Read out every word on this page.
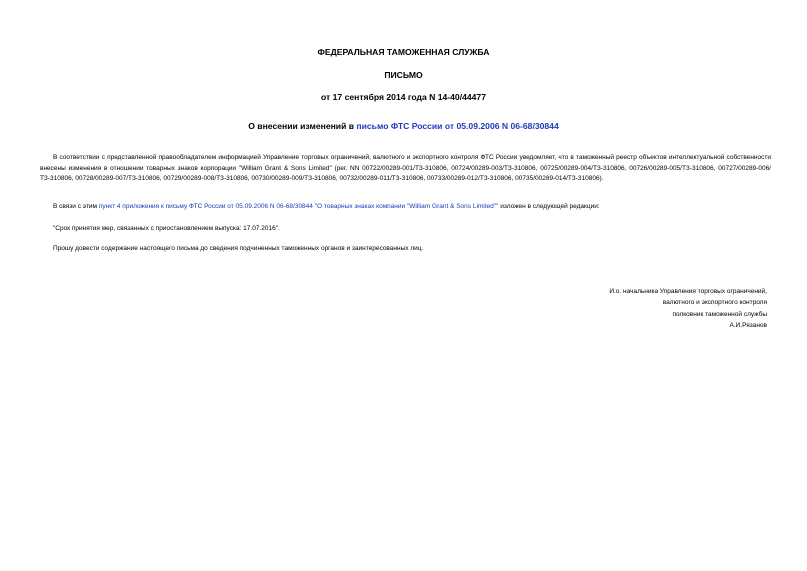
ФЕДЕРАЛЬНАЯ ТАМОЖЕННАЯ СЛУЖБА
ПИСЬМО
от 17 сентября 2014 года N 14-40/44477
О внесении изменений в письмо ФТС России от 05.09.2006 N 06-68/30844
В соответствии с представленной правообладателем информацией Управление торговых ограничений, валютного и экспортного контроля ФТС России уведомляет, что в таможенный реестр объектов интеллектуальной собственности внесены изменения в отношении товарных знаков корпорации "William Grant & Sons Limited" (рег. NN 00722/00289-001/ТЗ-310806, 00724/00289-003/ТЗ-310806, 00725/00289-004/ТЗ-310806, 00726/00289-005/ТЗ-310806, 00727/00289-006/ТЗ-310806, 00728/00289-007/ТЗ-310806, 00729/00289-008/ТЗ-310806, 00730/00289-009/ТЗ-310806, 00732/00289-011/ТЗ-310806, 00733/00289-012/ТЗ-310806, 00735/00289-014/ТЗ-310806).
В связи с этим пункт 4 приложения к письму ФТС России от 05.09.2006 N 06-68/30844 "О товарных знаках компании "William Grant & Sons Limited"" изложен в следующей редакции:
"Срок принятия мер, связанных с приостановлением выпуска: 17.07.2016".
Прошу довести содержание настоящего письма до сведения подчиненных таможенных органов и заинтересованных лиц.
И.о. начальника Управления торговых ограничений,
валютного и экспортного контроля
полковник таможенной службы
А.И.Рязанов
